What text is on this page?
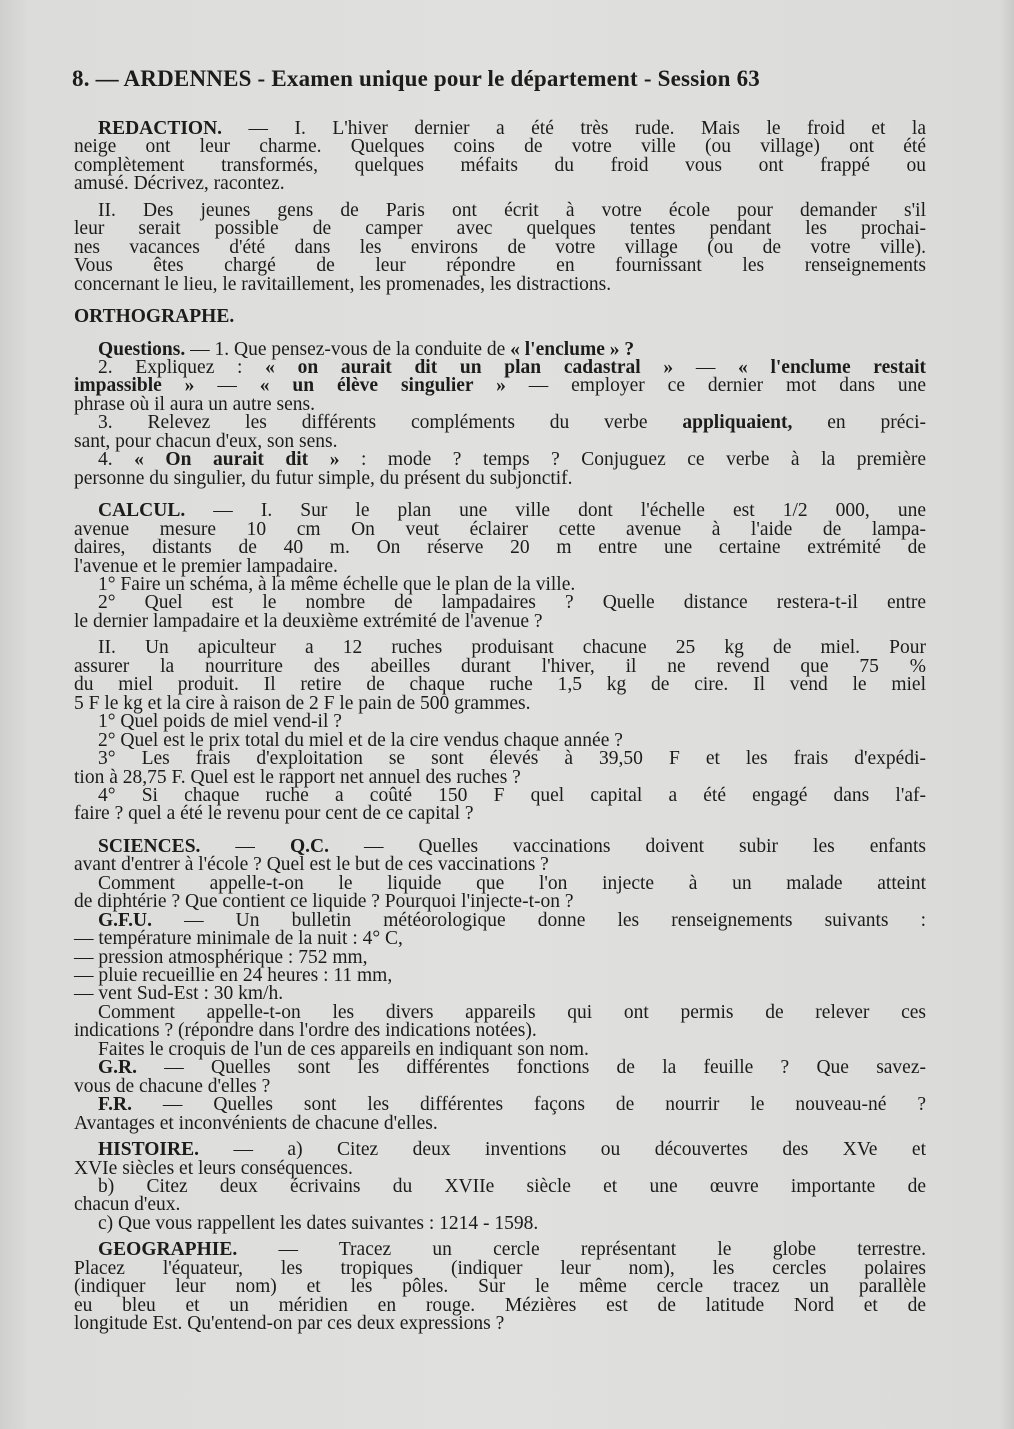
8. — ARDENNES - Examen unique pour le département - Session 63
REDACTION. — I. L'hiver dernier a été très rude. Mais le froid et la
neige ont leur charme. Quelques coins de votre ville (ou village) ont été
complètement transformés, quelques méfaits du froid vous ont frappé ou
amusé. Décrivez, racontez.
II. Des jeunes gens de Paris ont écrit à votre école pour demander s'il
leur serait possible de camper avec quelques tentes pendant les prochai-
nes vacances d'été dans les environs de votre village (ou de votre ville).
Vous êtes chargé de leur répondre en fournissant les renseignements
concernant le lieu, le ravitaillement, les promenades, les distractions.
ORTHOGRAPHE.
Questions. — 1. Que pensez-vous de la conduite de « l'enclume » ?
2. Expliquez : « on aurait dit un plan cadastral » — « l'enclume restait
impassible » — « un élève singulier » — employer ce dernier mot dans une
phrase où il aura un autre sens.
3. Relevez les différents compléments du verbe appliquaient, en préci-
sant, pour chacun d'eux, son sens.
4. « On aurait dit » : mode ? temps ? Conjuguez ce verbe à la première
personne du singulier, du futur simple, du présent du subjonctif.
CALCUL. — I. Sur le plan une ville dont l'échelle est 1/2 000, une
avenue mesure 10 cm On veut éclairer cette avenue à l'aide de lampa-
daires, distants de 40 m. On réserve 20 m entre une certaine extrémité de
l'avenue et le premier lampadaire.
1° Faire un schéma, à la même échelle que le plan de la ville.
2° Quel est le nombre de lampadaires ? Quelle distance restera-t-il entre
le dernier lampadaire et la deuxième extrémité de l'avenue ?
II. Un apiculteur a 12 ruches produisant chacune 25 kg de miel. Pour
assurer la nourriture des abeilles durant l'hiver, il ne revend que 75 %
du miel produit. Il retire de chaque ruche 1,5 kg de cire. Il vend le miel
5 F le kg et la cire à raison de 2 F le pain de 500 grammes.
1° Quel poids de miel vend-il ?
2° Quel est le prix total du miel et de la cire vendus chaque année ?
3° Les frais d'exploitation se sont élevés à 39,50 F et les frais d'expédi-
tion à 28,75 F. Quel est le rapport net annuel des ruches ?
4° Si chaque ruche a coûté 150 F quel capital a été engagé dans l'af-
faire ? quel a été le revenu pour cent de ce capital ?
SCIENCES. — Q.C. — Quelles vaccinations doivent subir les enfants
avant d'entrer à l'école ? Quel est le but de ces vaccinations ?
Comment appelle-t-on le liquide que l'on injecte à un malade atteint
de diphtérie ? Que contient ce liquide ? Pourquoi l'injecte-t-on ?
G.F.U. — Un bulletin météorologique donne les renseignements suivants :
— température minimale de la nuit : 4° C,
— pression atmosphérique : 752 mm,
— pluie recueillie en 24 heures : 11 mm,
— vent Sud-Est : 30 km/h.
Comment appelle-t-on les divers appareils qui ont permis de relever ces
indications ? (répondre dans l'ordre des indications notées).
Faites le croquis de l'un de ces appareils en indiquant son nom.
G.R. — Quelles sont les différentes fonctions de la feuille ? Que savez-
vous de chacune d'elles ?
F.R. — Quelles sont les différentes façons de nourrir le nouveau-né ?
Avantages et inconvénients de chacune d'elles.
HISTOIRE. — a) Citez deux inventions ou découvertes des XVe et
XVIe siècles et leurs conséquences.
b) Citez deux écrivains du XVIIe siècle et une œuvre importante de
chacun d'eux.
c) Que vous rappellent les dates suivantes : 1214 - 1598.
GEOGRAPHIE. — Tracez un cercle représentant le globe terrestre.
Placez l'équateur, les tropiques (indiquer leur nom), les cercles polaires
(indiquer leur nom) et les pôles. Sur le même cercle tracez un parallèle
eu bleu et un méridien en rouge. Mézières est de latitude Nord et de
longitude Est. Qu'entend-on par ces deux expressions ?
